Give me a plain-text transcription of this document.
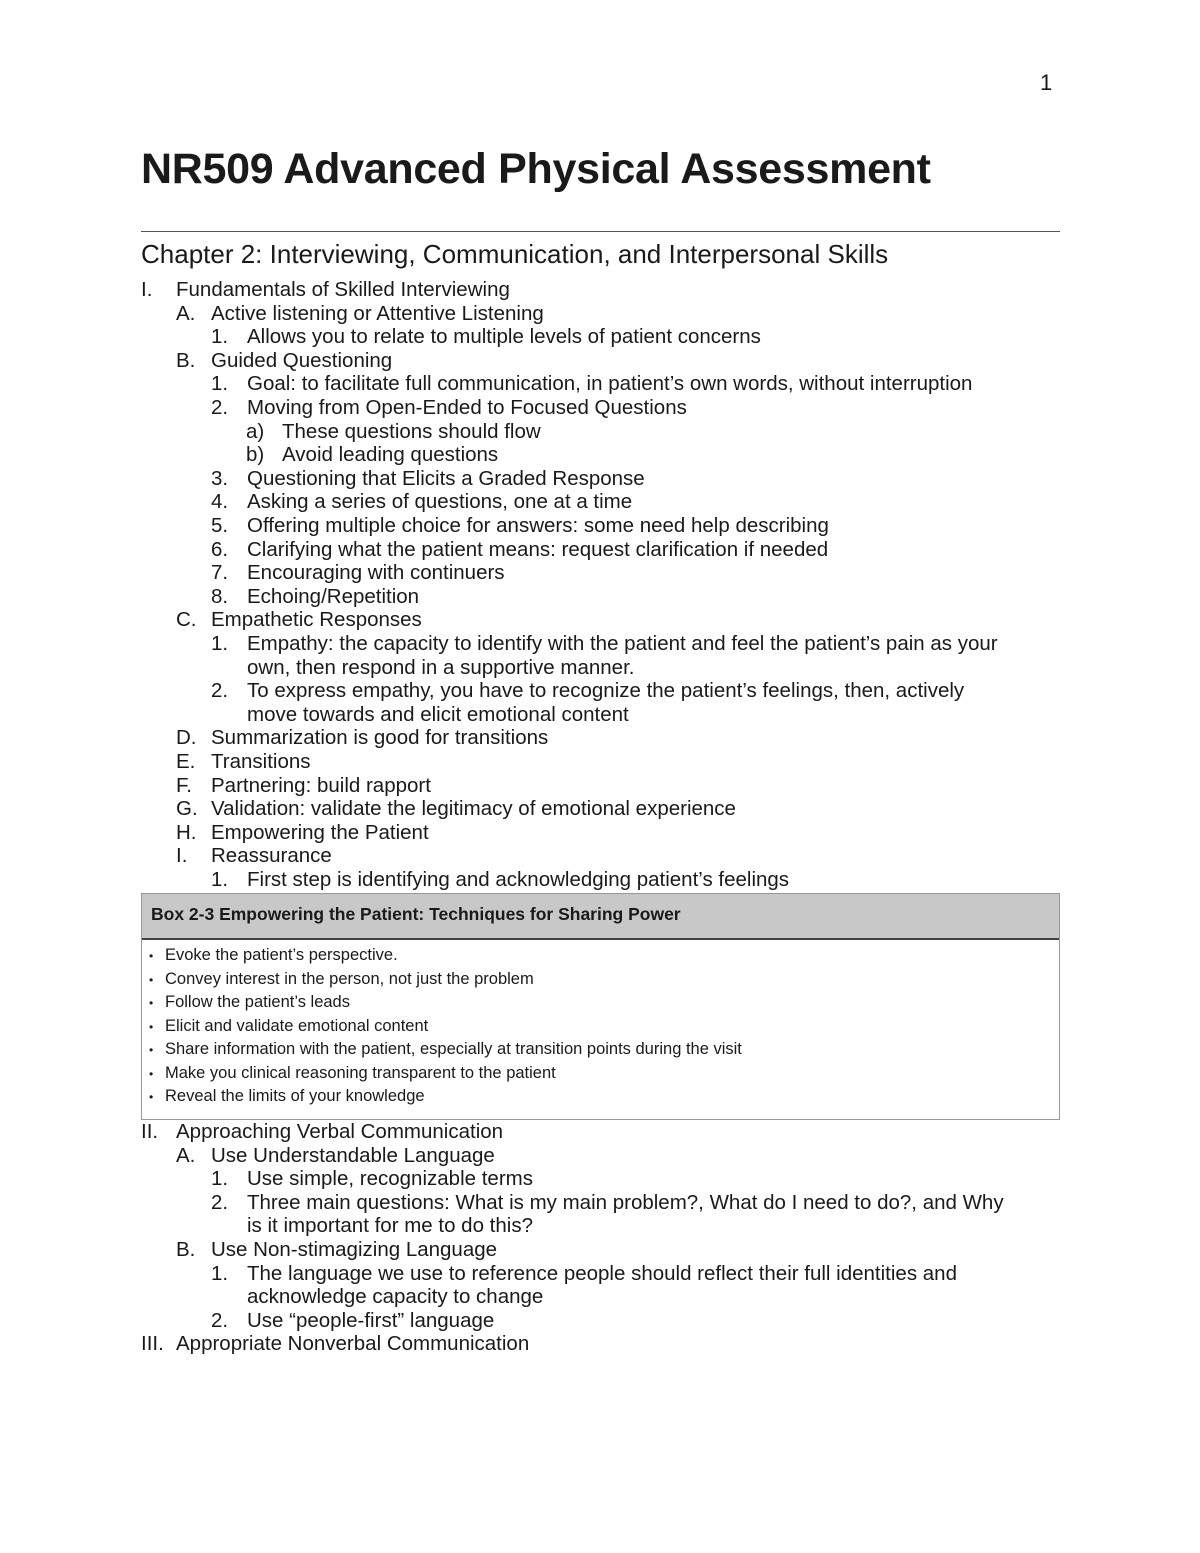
1
NR509 Advanced Physical Assessment
Chapter 2: Interviewing, Communication, and Interpersonal Skills
I. Fundamentals of Skilled Interviewing
A. Active listening or Attentive Listening
1. Allows you to relate to multiple levels of patient concerns
B. Guided Questioning
1. Goal: to facilitate full communication, in patient’s own words, without interruption
2. Moving from Open-Ended to Focused Questions
a) These questions should flow
b) Avoid leading questions
3. Questioning that Elicits a Graded Response
4. Asking a series of questions, one at a time
5. Offering multiple choice for answers: some need help describing
6. Clarifying what the patient means: request clarification if needed
7. Encouraging with continuers
8. Echoing/Repetition
C. Empathetic Responses
1. Empathy: the capacity to identify with the patient and feel the patient’s pain as your
own, then respond in a supportive manner.
2. To express empathy, you have to recognize the patient’s feelings, then, actively
move towards and elicit emotional content
D. Summarization is good for transitions
E. Transitions
F. Partnering: build rapport
G. Validation: validate the legitimacy of emotional experience
H. Empowering the Patient
I. Reassurance
1. First step is identifying and acknowledging patient’s feelings
Box 2-3 Empowering the Patient: Techniques for Sharing Power
• Evoke the patient’s perspective.
• Convey interest in the person, not just the problem
• Follow the patient’s leads
• Elicit and validate emotional content
• Share information with the patient, especially at transition points during the visit
• Make you clinical reasoning transparent to the patient
• Reveal the limits of your knowledge
II. Approaching Verbal Communication
A. Use Understandable Language
1. Use simple, recognizable terms
2. Three main questions: What is my main problem?, What do I need to do?, and Why
is it important for me to do this?
B. Use Non-stimagizing Language
1. The language we use to reference people should reflect their full identities and
acknowledge capacity to change
2. Use “people-first” language
III. Appropriate Nonverbal Communication
